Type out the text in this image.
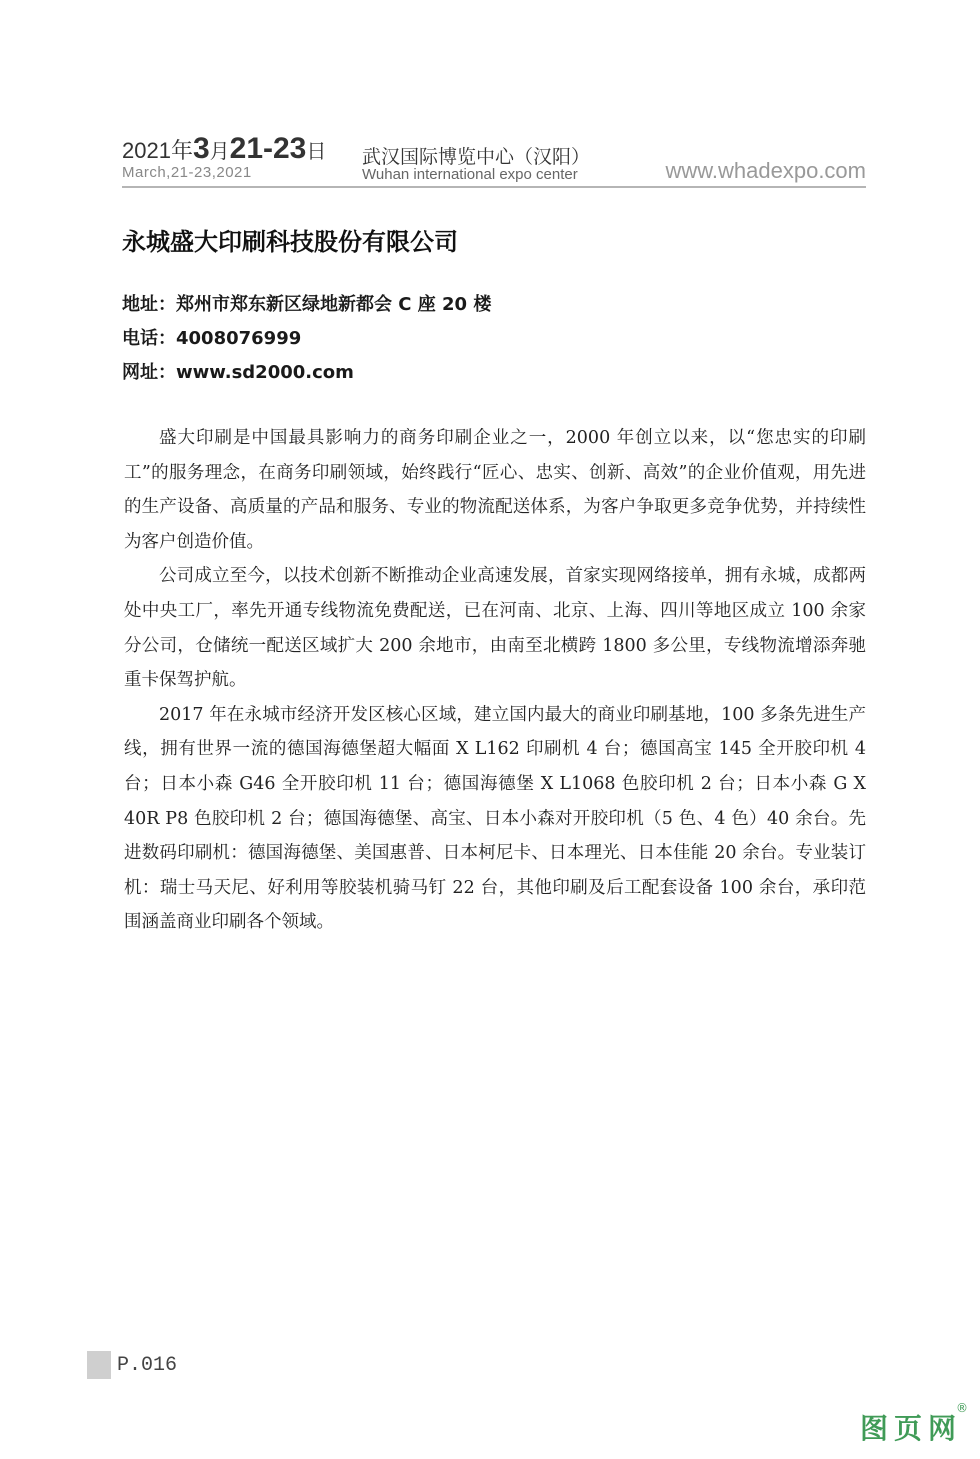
2021年3月21-23日
March,21-23,2021
武汉国际博览中心（汉阳）
Wuhan international expo center	www.whadexpo.com
永城盛大印刷科技股份有限公司
地址：郑州市郑东新区绿地新都会 C 座 20 楼
电话：4008076999
网址：www.sd2000.com

盛大印刷是中国最具影响力的商务印刷企业之一，2000 年创立以来，以“您忠实的印刷工”的服务理念，在商务印刷领域，始终践行“匠心、忠实、创新、高效”的企业价值观，用先进的生产设备、高质量的产品和服务、专业的物流配送体系，为客户争取更多竞争优势，并持续性为客户创造价值。

公司成立至今，以技术创新不断推动企业高速发展，首家实现网络接单，拥有永城，成都两处中央工厂，率先开通专线物流免费配送，已在河南、北京、上海、四川等地区成立 100 余家分公司，仓储统一配送区域扩大 200 余地市，由南至北横跨 1800 多公里，专线物流增添奔驰重卡保驾护航。

2017 年在永城市经济开发区核心区域，建立国内最大的商业印刷基地，100 多条先进生产线，拥有世界一流的德国海德堡超大幅面 X L162 印刷机 4 台；德国高宝 145 全开胶印机 4 台；日本小森 G46 全开胶印机 11 台；德国海德堡 X L1068 色胶印机 2 台；日本小森 G X 40R P8 色胶印机 2 台；德国海德堡、高宝、日本小森对开胶印机（5 色、4 色）40 余台。先进数码印刷机：德国海德堡、美国惠普、日本柯尼卡、日本理光、日本佳能 20 余台。专业装订机：瑞士马天尼、好利用等胶装机骑马钉 22 台，其他印刷及后工配套设备 100 余台，承印范围涵盖商业印刷各个领域。

P.016
图页网
®
